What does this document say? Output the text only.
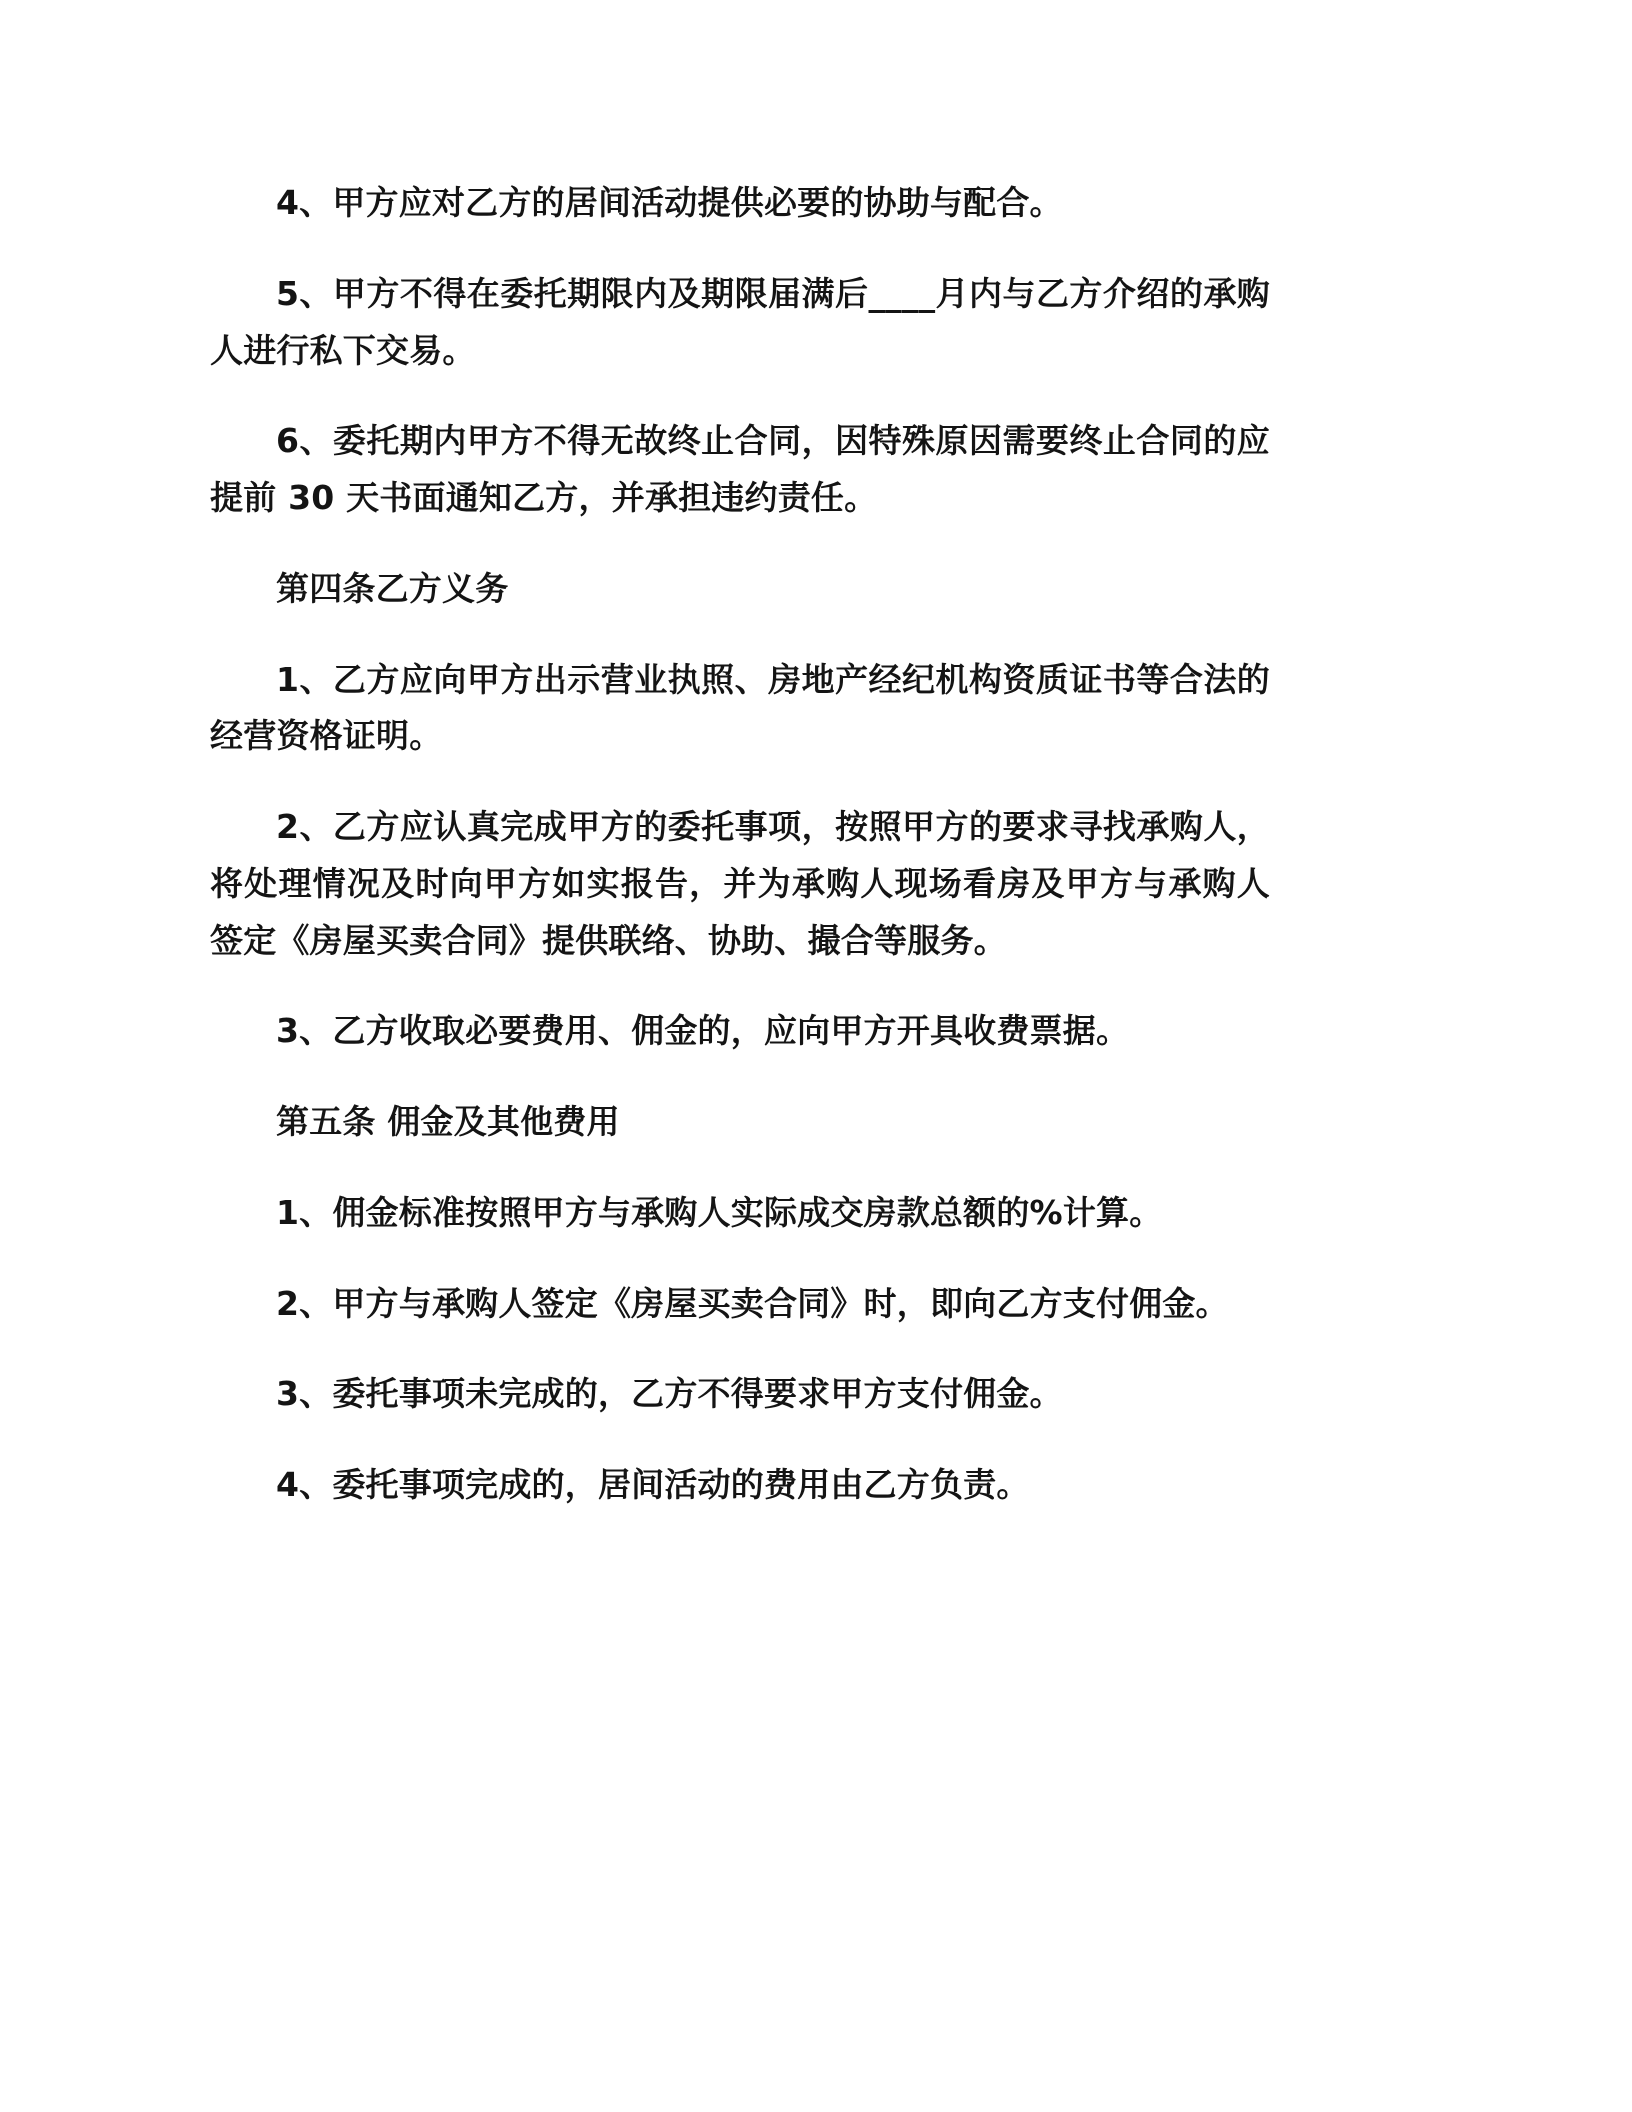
4、甲方应对乙方的居间活动提供必要的协助与配合。

5、甲方不得在委托期限内及期限届满后____月内与乙方介绍的承购人进行私下交易。

6、委托期内甲方不得无故终止合同，因特殊原因需要终止合同的应提前 30 天书面通知乙方，并承担违约责任。

第四条乙方义务

1、乙方应向甲方出示营业执照、房地产经纪机构资质证书等合法的经营资格证明。

2、乙方应认真完成甲方的委托事项，按照甲方的要求寻找承购人，将处理情况及时向甲方如实报告，并为承购人现场看房及甲方与承购人签定《房屋买卖合同》提供联络、协助、撮合等服务。

3、乙方收取必要费用、佣金的，应向甲方开具收费票据。

第五条 佣金及其他费用

1、佣金标准按照甲方与承购人实际成交房款总额的%计算。

2、甲方与承购人签定《房屋买卖合同》时，即向乙方支付佣金。

3、委托事项未完成的，乙方不得要求甲方支付佣金。

4、委托事项完成的，居间活动的费用由乙方负责。
